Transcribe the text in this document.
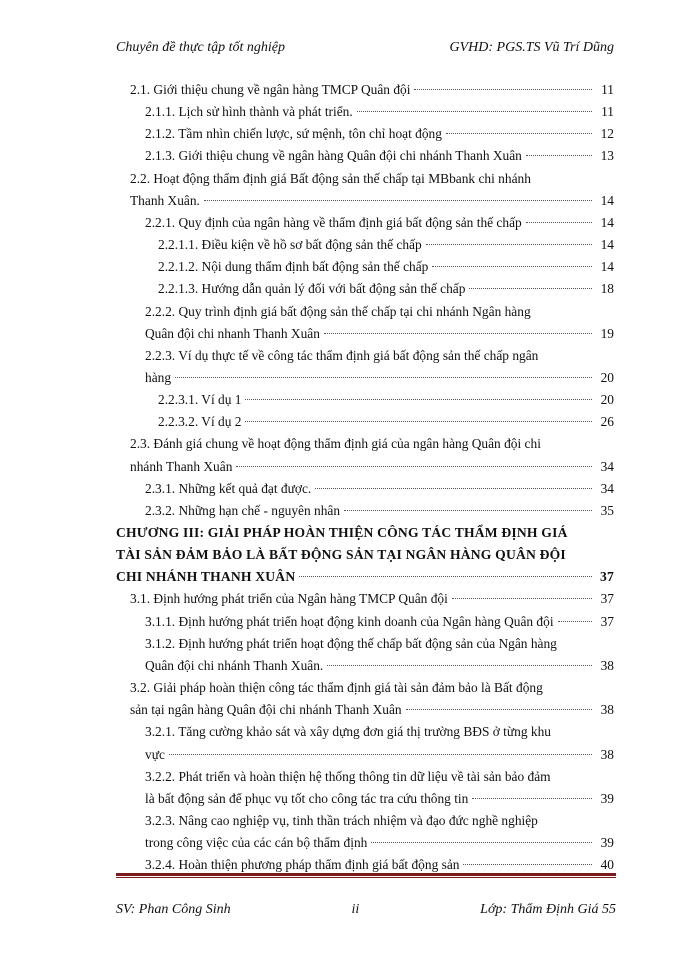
Chuyên đề thực tập tốt nghiệp	GVHD: PGS.TS Vũ Trí Dũng
2.1. Giới thiệu chung về ngân hàng TMCP Quân đội	11
2.1.1. Lịch sử hình thành và phát triển.	11
2.1.2. Tầm nhìn chiến lược, sứ mệnh, tôn chỉ hoạt động	12
2.1.3. Giới thiệu chung về ngân hàng Quân đội chi nhánh Thanh Xuân	13
2.2. Hoạt động thẩm định giá Bất động sản thế chấp tại MBbank chi nhánh
Thanh Xuân.	14
2.2.1. Quy định của ngân hàng về thẩm định giá bất động sản thế chấp	14
2.2.1.1. Điều kiện về hồ sơ bất động sản thế chấp	14
2.2.1.2. Nội dung thẩm định bất động sản thế chấp	14
2.2.1.3. Hướng dẫn quản lý đối với bất động sản thế chấp	18
2.2.2. Quy trình định giá bất động sản thế chấp tại chi nhánh Ngân hàng
Quân đội chi nhanh Thanh Xuân	19
2.2.3. Ví dụ thực tế về công tác thẩm định giá bất động sản thế chấp ngân
hàng	20
2.2.3.1. Ví dụ 1	20
2.2.3.2. Ví dụ 2	26
2.3. Đánh giá chung về hoạt động thẩm định giá của ngân hàng Quân đội chi
nhánh Thanh Xuân	34
2.3.1. Những kết quả đạt được.	34
2.3.2. Những hạn chế - nguyên nhân	35
CHƯƠNG III: GIẢI PHÁP HOÀN THIỆN CÔNG TÁC THẨM ĐỊNH GIÁ
TÀI SẢN ĐẢM BẢO LÀ BẤT ĐỘNG SẢN TẠI NGÂN HÀNG QUÂN ĐỘI
CHI NHÁNH THANH XUÂN	37
3.1. Định hướng phát triển của Ngân hàng TMCP Quân đội	37
3.1.1. Định hướng phát triển hoạt động kinh doanh của Ngân hàng Quân đội	37
3.1.2. Định hướng phát triển hoạt động thế chấp bất động sản của Ngân hàng
Quân đội chi nhánh Thanh Xuân.	38
3.2. Giải pháp hoàn thiện công tác thẩm định giá tài sản đảm bảo là Bất động
sản tại ngân hàng Quân đội chi nhánh Thanh Xuân	38
3.2.1. Tăng cường khảo sát và xây dựng đơn giá thị trường BĐS ở từng khu
vực	38
3.2.2. Phát triển và hoàn thiện hệ thống thông tin dữ liệu về tài sản bảo đảm
là bất động sản để phục vụ tốt cho công tác tra cứu thông tin	39
3.2.3. Nâng cao nghiệp vụ, tinh thần trách nhiệm và đạo đức nghề nghiệp
trong công việc của các cán bộ thẩm định	39
3.2.4. Hoàn thiện phương pháp thẩm định giá bất động sản	40
SV: Phan Công Sinh	ii	Lớp: Thẩm Định Giá 55
